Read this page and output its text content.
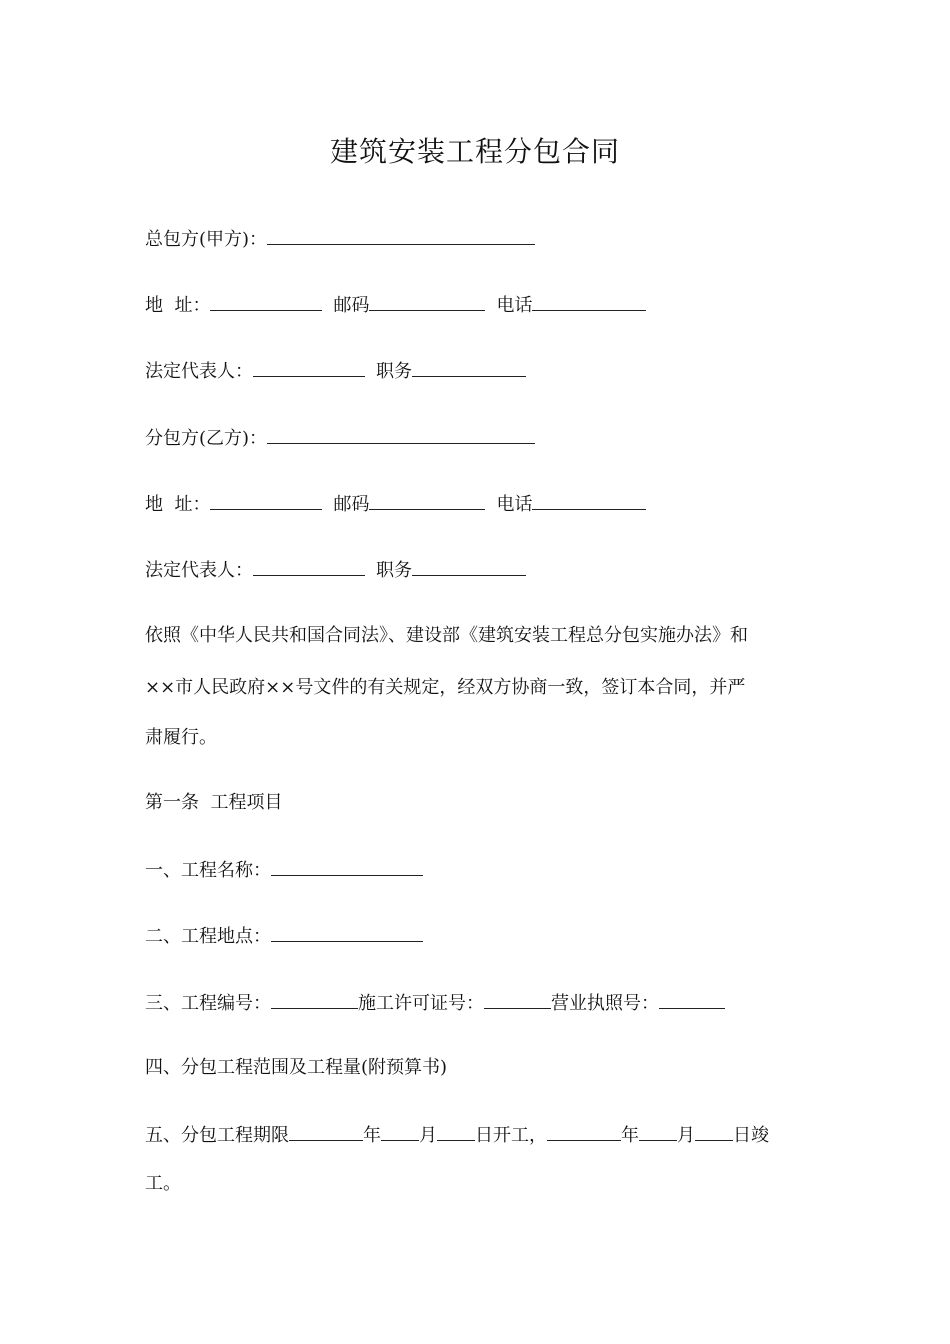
建筑安装工程分包合同
总包方(甲方)：
地  址：	邮码	电话
法定代表人：	职务
分包方(乙方)：
地  址：	邮码	电话
法定代表人：	职务
依照《中华人民共和国合同法》、建设部《建筑安装工程总分包实施办法》和
××市人民政府××号文件的有关规定，经双方协商一致，签订本合同，并严
肃履行。
第一条  工程项目
一、工程名称：
二、工程地点：
三、工程编号：	施工许可证号：	营业执照号：
四、分包工程范围及工程量(附预算书)
五、分包工程期限	年 月 日开工，	年 月 日竣
工。
